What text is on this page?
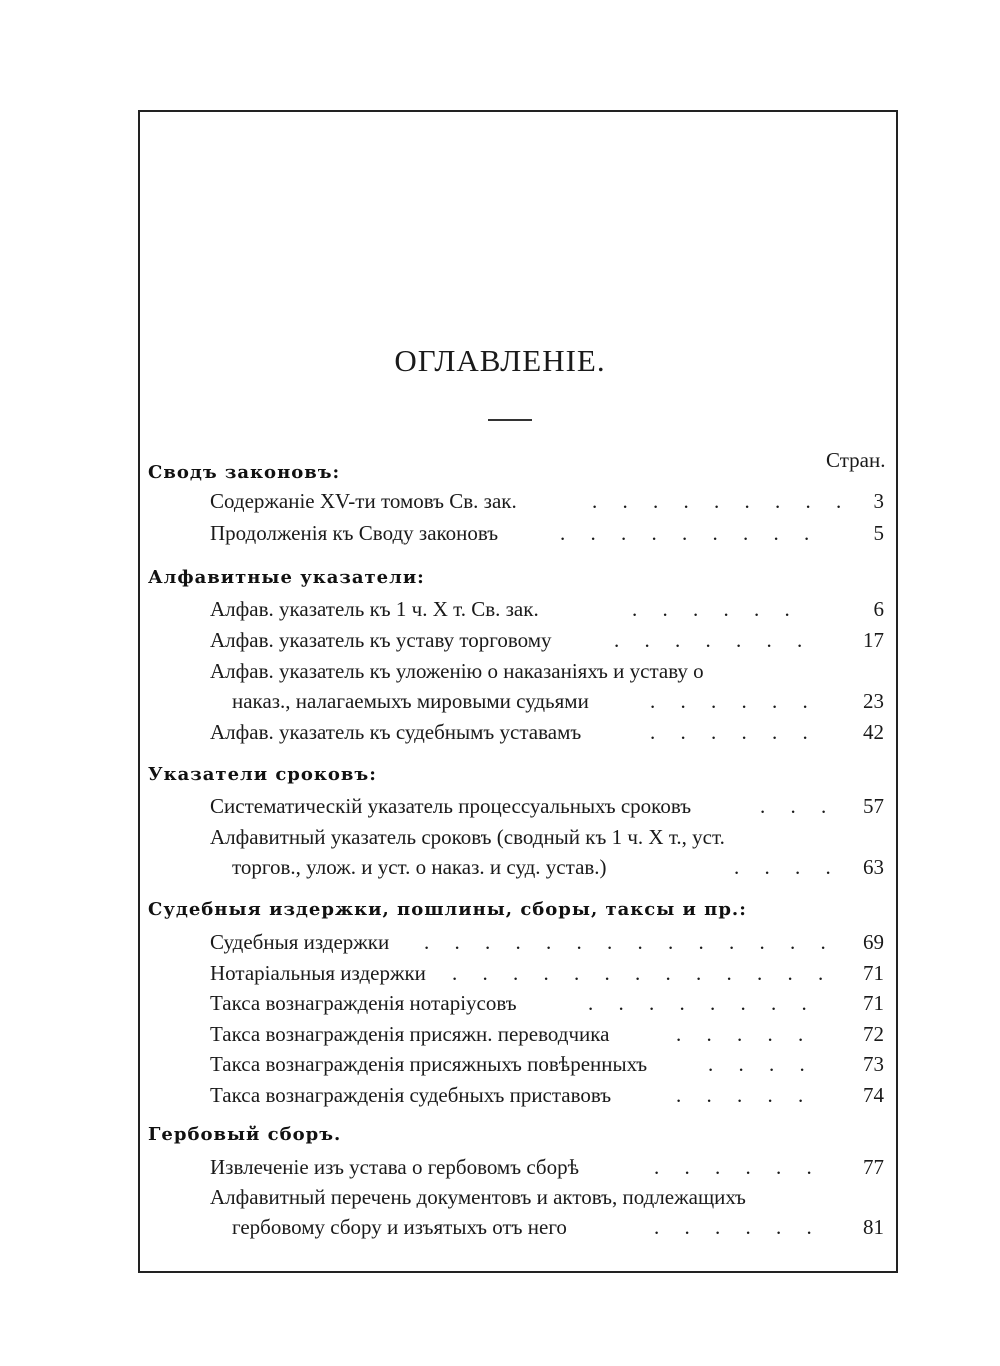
ОГЛАВЛЕНІЕ.
Стран.
Сводъ законовъ:
Содержаніе XV-ти томовъ Св. зак.	. . . . . . . . . 3
Продолженія къ Своду законовъ	. . . . . . . . .	5
Алфавитные указатели:
Алфав. указатель къ 1 ч. X т. Св. зак.	. . . . . .	6
Алфав. указатель къ уставу торговому	. . . . . . . 17
Алфав. указатель къ уложенію о наказаніяхъ и уставу о
наказ., налагаемыхъ мировыми судьями	. . . . . . 23
Алфав. указатель къ судебнымъ уставамъ	. . . . . . 42
Указатели сроковъ:
Систематическій указатель процессуальныхъ сроковъ	. . . 57
Алфавитный указатель сроковъ (сводный къ 1 ч. X т., уст.
торгов., улож. и уст. о наказ. и суд. устав.)	. . . . 63
Судебныя издержки, пошлины, сборы, таксы и пр.:
Судебныя издержки . . . . . . . . . . . . . . 69
Нотаріальныя издержки . . . . . . . . . . . . . 71
Такса вознагражденія нотаріусовъ	. . . . . . . . 71
Такса вознагражденія присяжн. переводчика	. . . . . 72
Такса вознагражденія присяжныхъ повѣренныхъ	. . . . 73
Такса вознагражденія судебныхъ приставовъ	. . . . . 74
Гербовый сборъ.
Извлеченіе изъ устава о гербовомъ сборѣ	. . . . . . 77
Алфавитный перечень документовъ и актовъ, подлежащихъ
гербовому сбору и изъятыхъ отъ него	. . . . . . 81
